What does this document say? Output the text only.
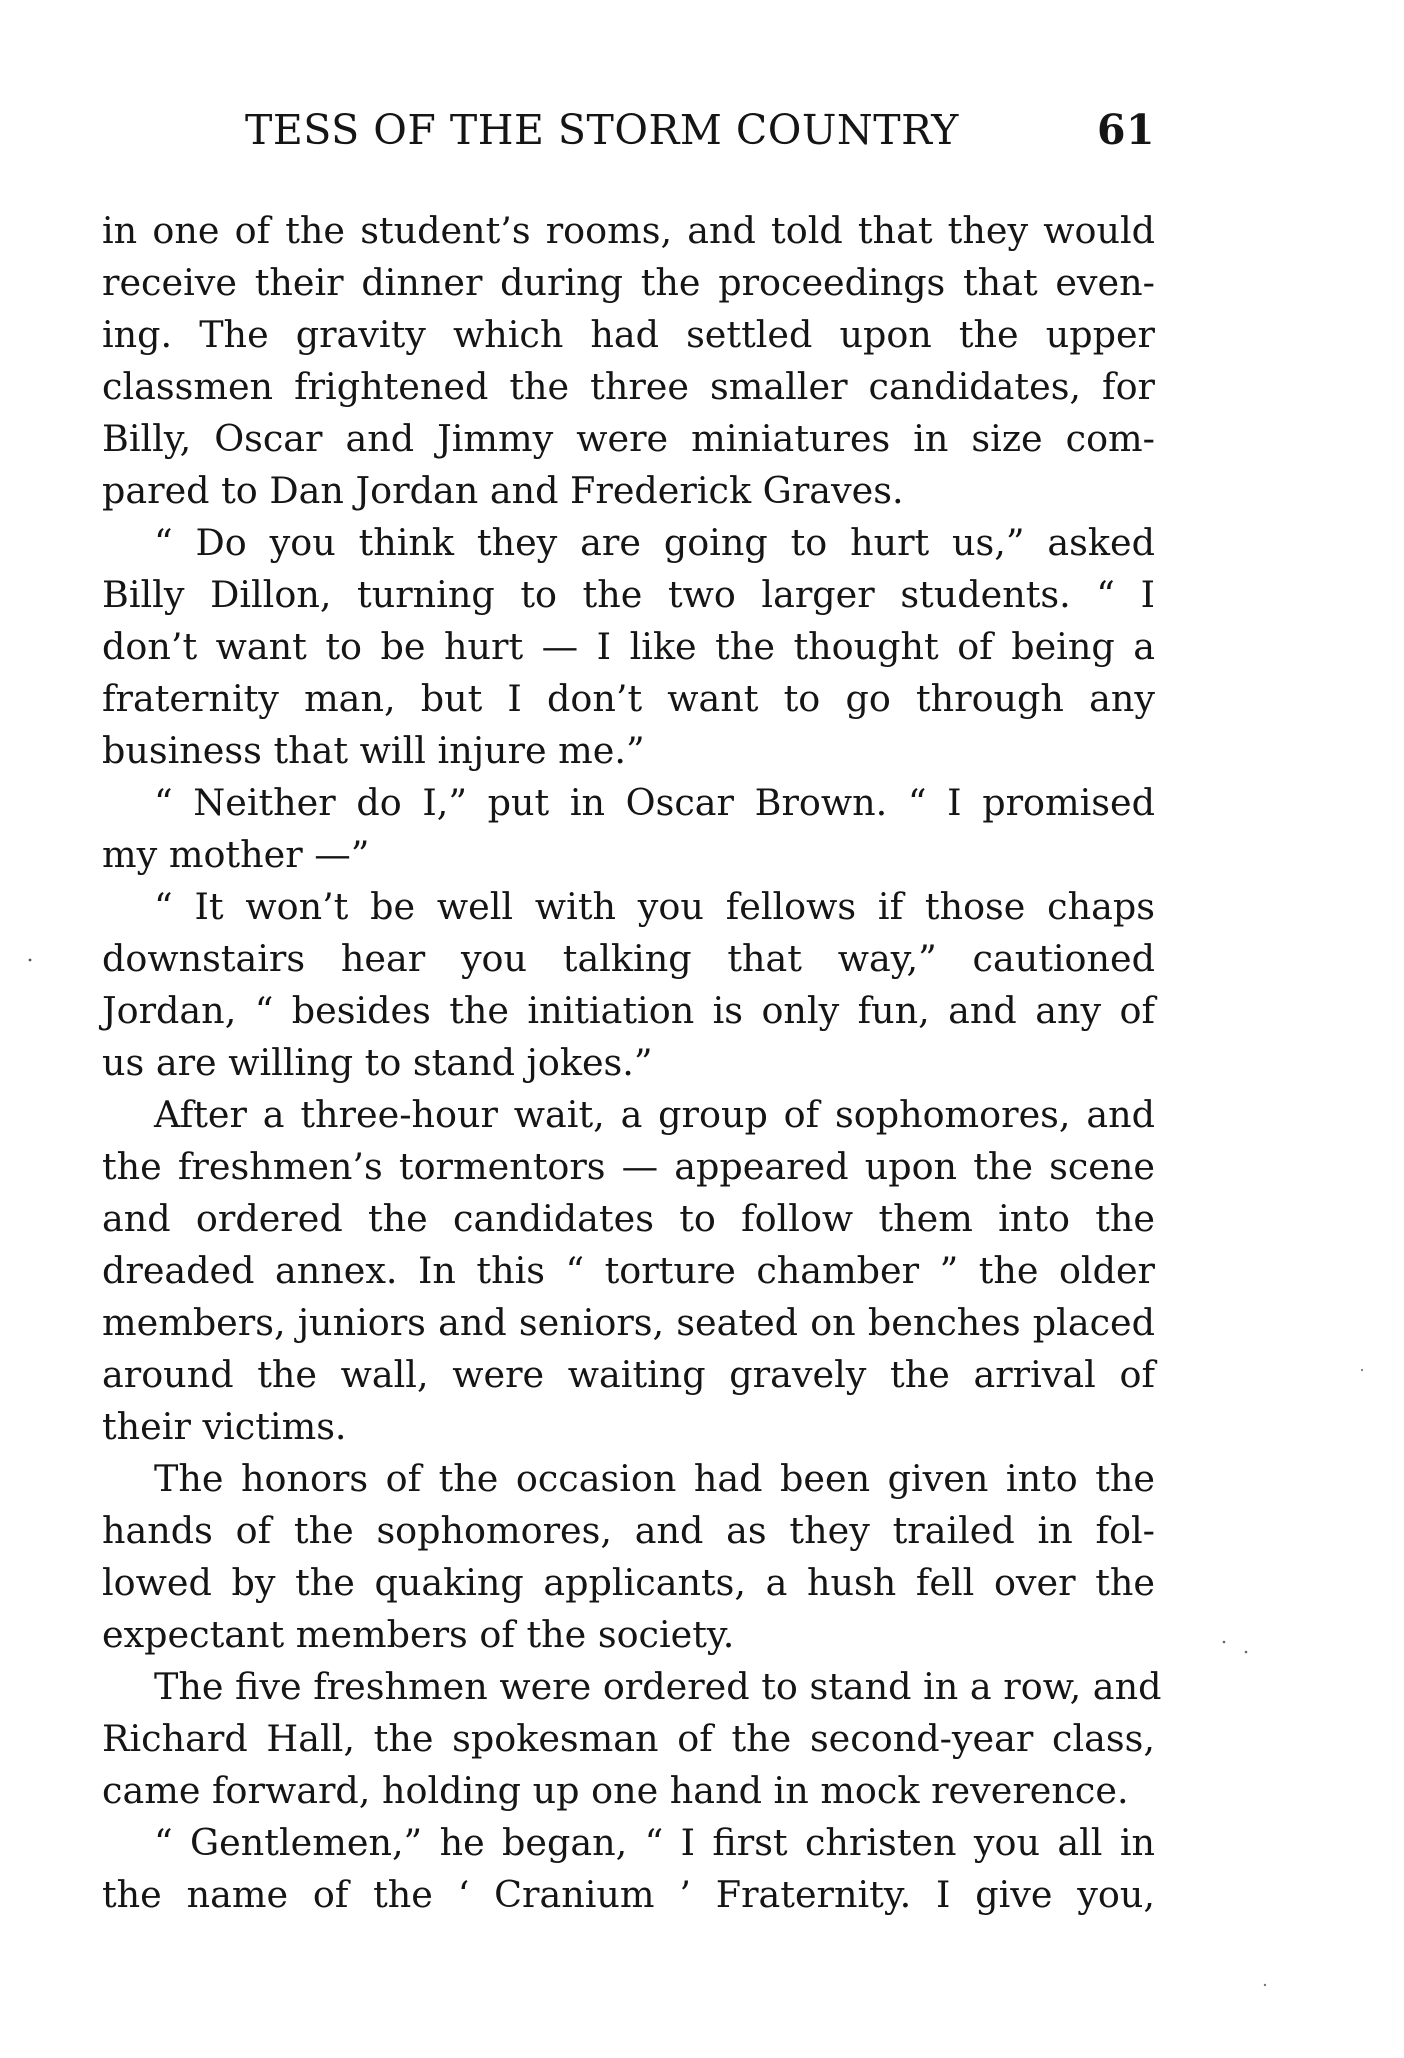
TESS OF THE STORM COUNTRY	61
in one of the student’s rooms, and told that they would
receive their dinner during the proceedings that even-
ing. The gravity which had settled upon the upper
classmen frightened the three smaller candidates, for
Billy, Oscar and Jimmy were miniatures in size com-
pared to Dan Jordan and Frederick Graves.
“ Do you think they are going to hurt us,” asked
Billy Dillon, turning to the two larger students. “ I
don’t want to be hurt — I like the thought of being a
fraternity man, but I don’t want to go through any
business that will injure me.”
“ Neither do I,” put in Oscar Brown. “ I promised
my mother —”
“ It won’t be well with you fellows if those chaps
downstairs hear you talking that way,” cautioned
Jordan, “ besides the initiation is only fun, and any of
us are willing to stand jokes.”
After a three-hour wait, a group of sophomores, and
the freshmen’s tormentors — appeared upon the scene
and ordered the candidates to follow them into the
dreaded annex. In this “ torture chamber ” the older
members, juniors and seniors, seated on benches placed
around the wall, were waiting gravely the arrival of
their victims.
The honors of the occasion had been given into the
hands of the sophomores, and as they trailed in fol-
lowed by the quaking applicants, a hush fell over the
expectant members of the society.
The five freshmen were ordered to stand in a row, and
Richard Hall, the spokesman of the second-year class,
came forward, holding up one hand in mock reverence.
“ Gentlemen,” he began, “ I first christen you all in
the name of the ‘ Cranium ’ Fraternity. I give you,
